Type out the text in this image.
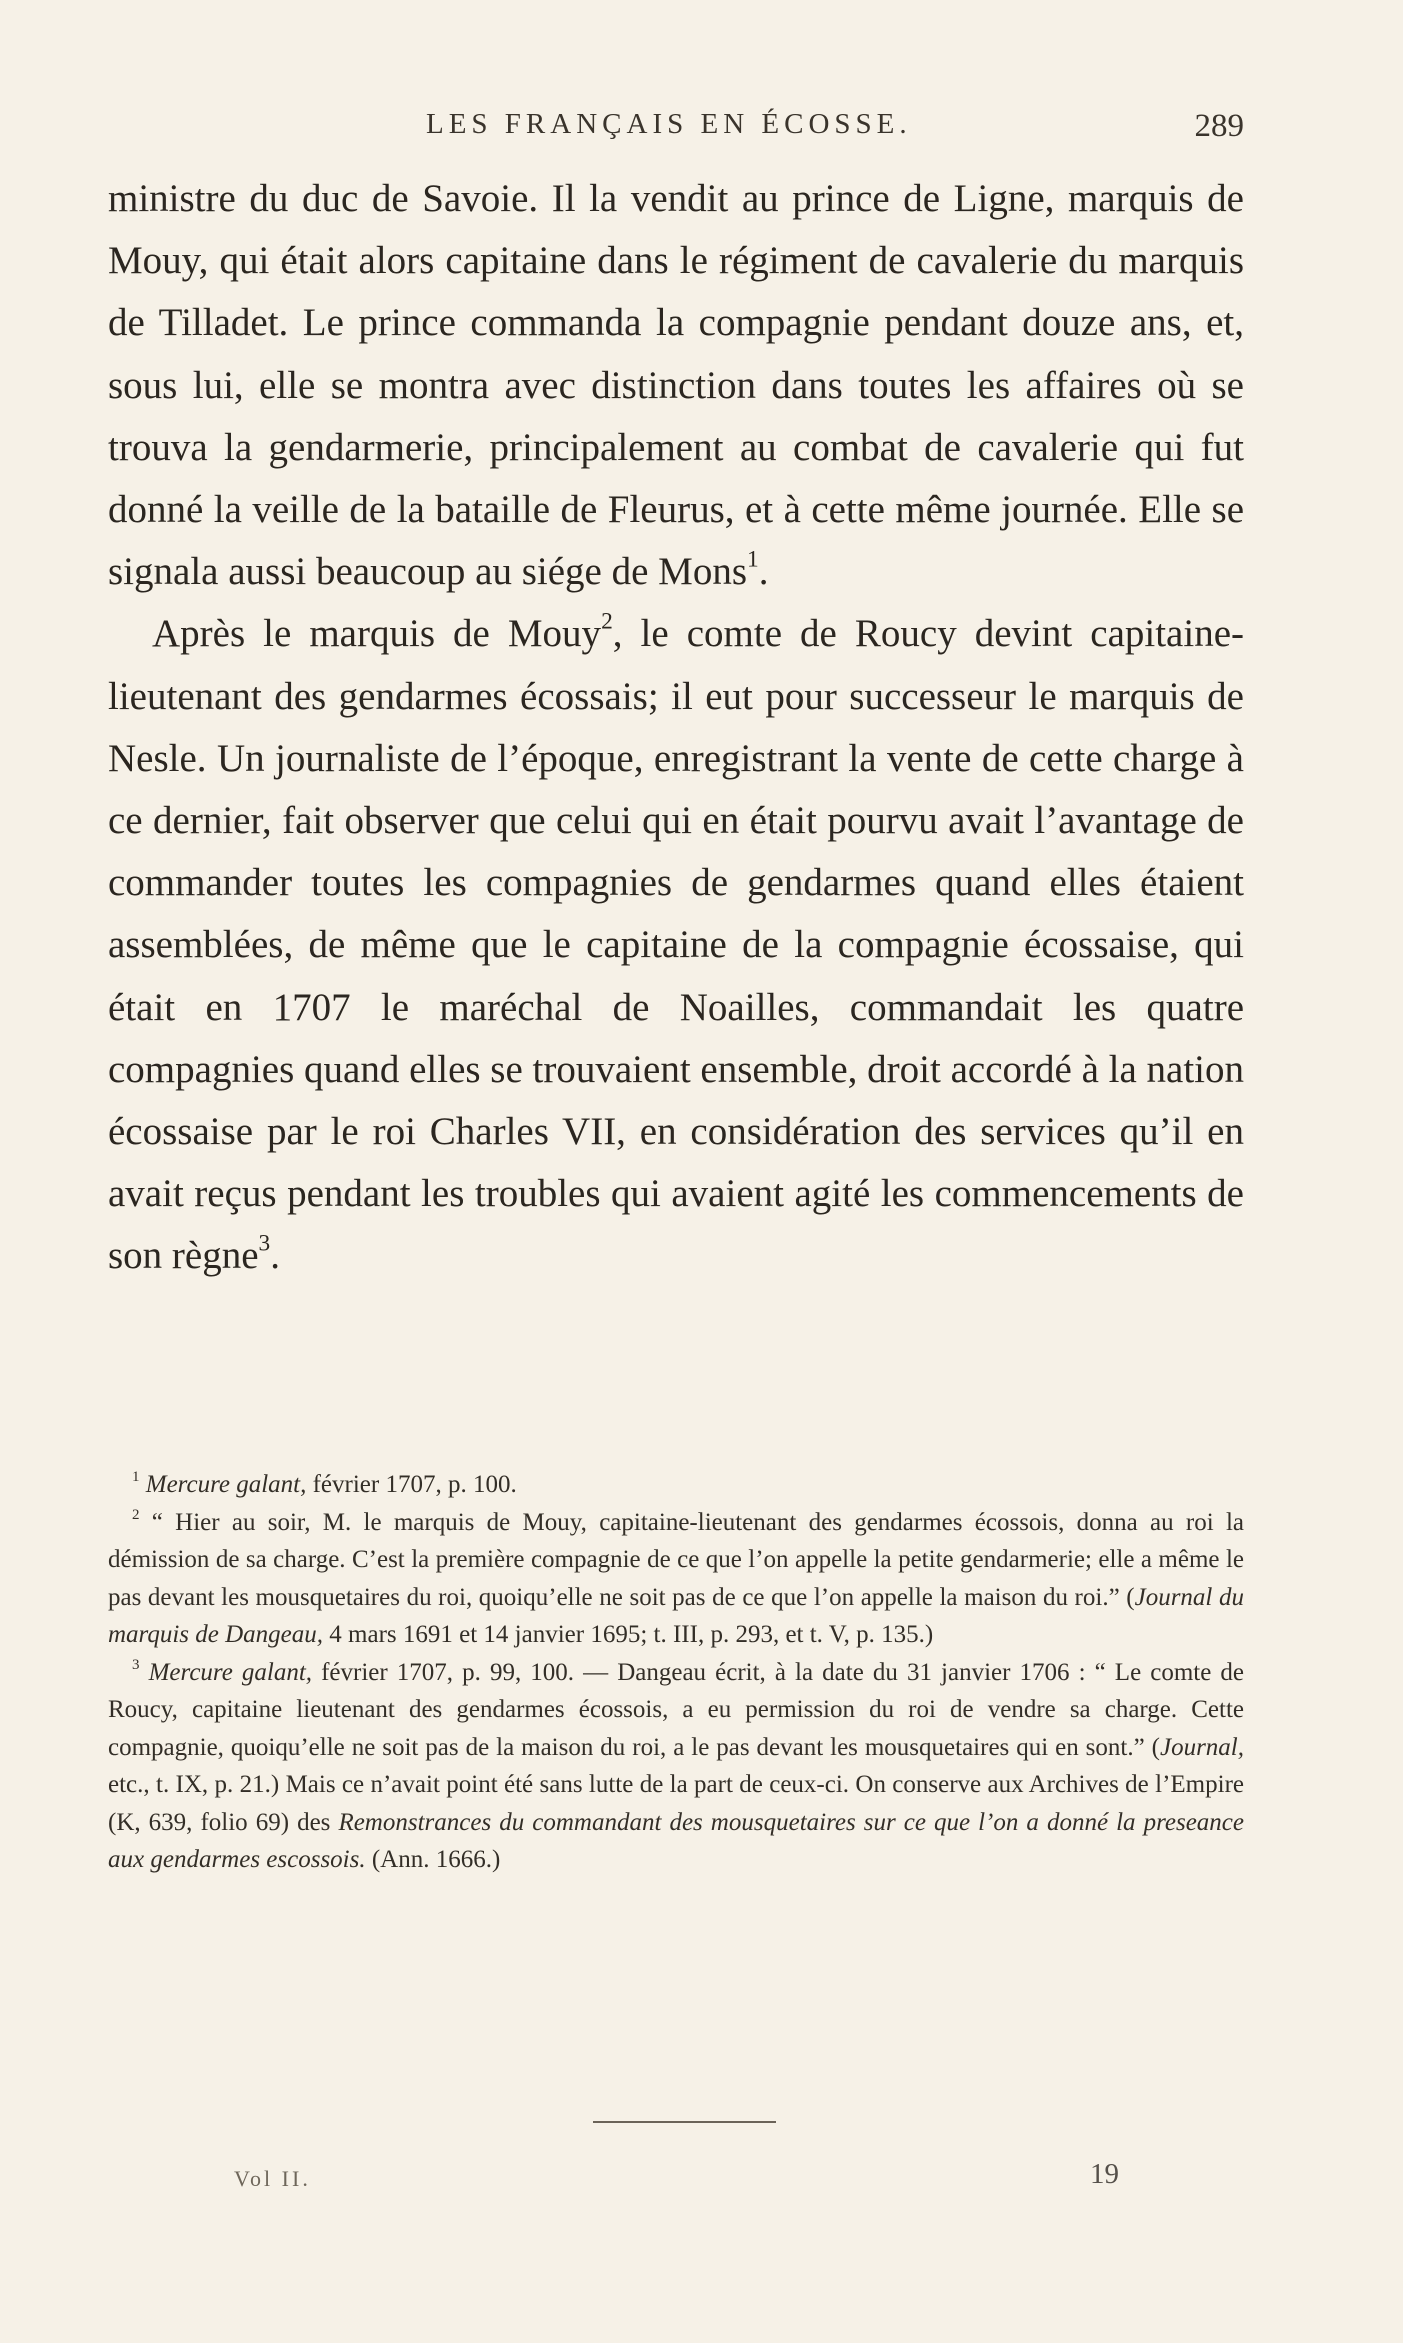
LES FRANÇAIS EN ÉCOSSE.	289

ministre du duc de Savoie. Il la vendit au prince de Ligne, marquis de Mouy, qui était alors capitaine dans le régiment de cavalerie du marquis de Tilladet. Le prince commanda la compagnie pendant douze ans, et, sous lui, elle se montra avec distinction dans toutes les affaires où se trouva la gendarmerie, principalement au combat de cavalerie qui fut donné la veille de la bataille de Fleurus, et à cette même journée. Elle se signala aussi beaucoup au siége de Mons$^1$.

Après le marquis de Mouy$^2$, le comte de Roucy devint capitaine-lieutenant des gendarmes écossais; il eut pour successeur le marquis de Nesle. Un journaliste de l’époque, enregistrant la vente de cette charge à ce dernier, fait observer que celui qui en était pourvu avait l’avantage de commander toutes les compagnies de gendarmes quand elles étaient assemblées, de même que le capitaine de la compagnie écossaise, qui était en 1707 le maréchal de Noailles, commandait les quatre compagnies quand elles se trouvaient ensemble, droit accordé à la nation écossaise par le roi Charles VII, en considération des services qu’il en avait reçus pendant les troubles qui avaient agité les commencements de son règne$^3$.

$^1$ Mercure galant, février 1707, p. 100.

$^2$ “ Hier au soir, M. le marquis de Mouy, capitaine-lieutenant des gendarmes écossois, donna au roi la démission de sa charge. C’est la première compagnie de ce que l’on appelle la petite gendarmerie; elle a même le pas devant les mousquetaires du roi, quoiqu’elle ne soit pas de ce que l’on appelle la maison du roi.” (Journal du marquis de Dangeau, 4 mars 1691 et 14 janvier 1695; t. III, p. 293, et t. V, p. 135.)

$^3$ Mercure galant, février 1707, p. 99, 100. — Dangeau écrit, à la date du 31 janvier 1706 : “ Le comte de Roucy, capitaine lieutenant des gendarmes écossois, a eu permission du roi de vendre sa charge. Cette compagnie, quoiqu’elle ne soit pas de la maison du roi, a le pas devant les mousquetaires qui en sont.” (Journal, etc., t. IX, p. 21.) Mais ce n’avait point été sans lutte de la part de ceux-ci. On conserve aux Archives de l’Empire (K, 639, folio 69) des Remonstrances du commandant des mousquetaires sur ce que l’on a donné la preseance aux gendarmes escossois. (Ann. 1666.)

Vol II.	19
